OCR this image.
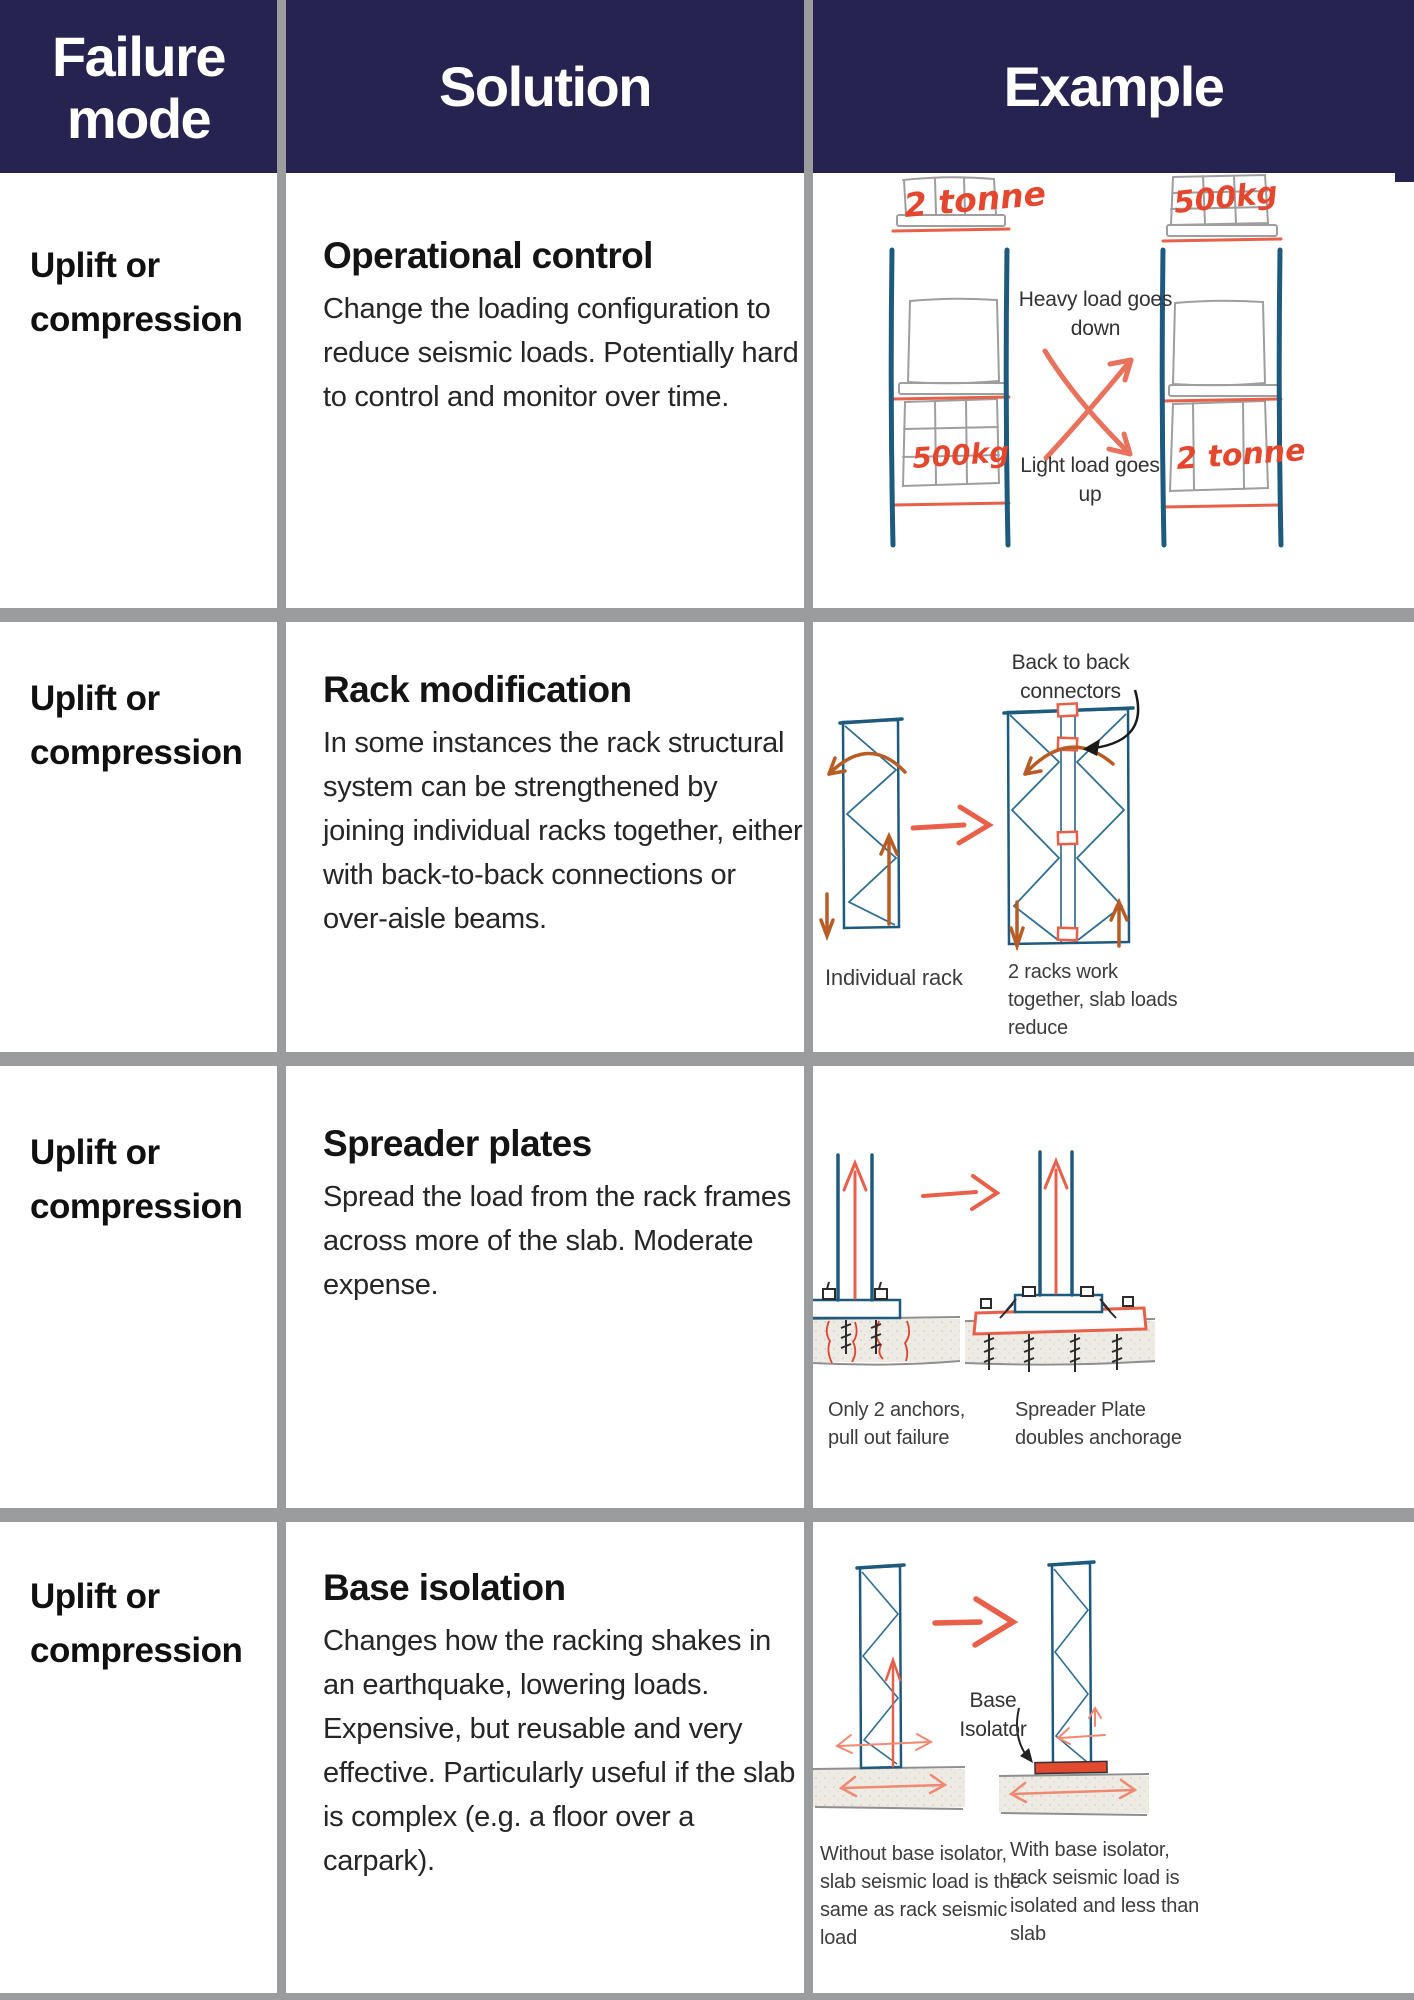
Failure mode
Solution	Example
Uplift or compression
Operational control

Change the loading configuration to reduce seismic loads. Potentially hard to control and monitor over time.

2 tonne
500kg
500kg
2 tonne
Heavy load goes down
Light load goes up
Uplift or compression
Rack modification

In some instances the rack structural system can be strengthened by joining individual racks together, either with back-to-back connections or over-aisle beams.

Back to back connectors
Individual rack 2 racks work together, slab loads reduce
Uplift or compression
Spreader plates

Spread the load from the rack frames across more of the slab. Moderate expense.

Only 2 anchors, pull out failure
Spreader Plate doubles anchorage
Uplift or compression
Base isolation

Changes how the racking shakes in an earthquake, lowering loads. Expensive, but reusable and very effective. Particularly useful if the slab is complex (e.g. a floor over a carpark).

Base Isolator
Without base isolator, slab seismic load is the same as rack seismic load
With base isolator, rack seismic load is isolated and less than slab
